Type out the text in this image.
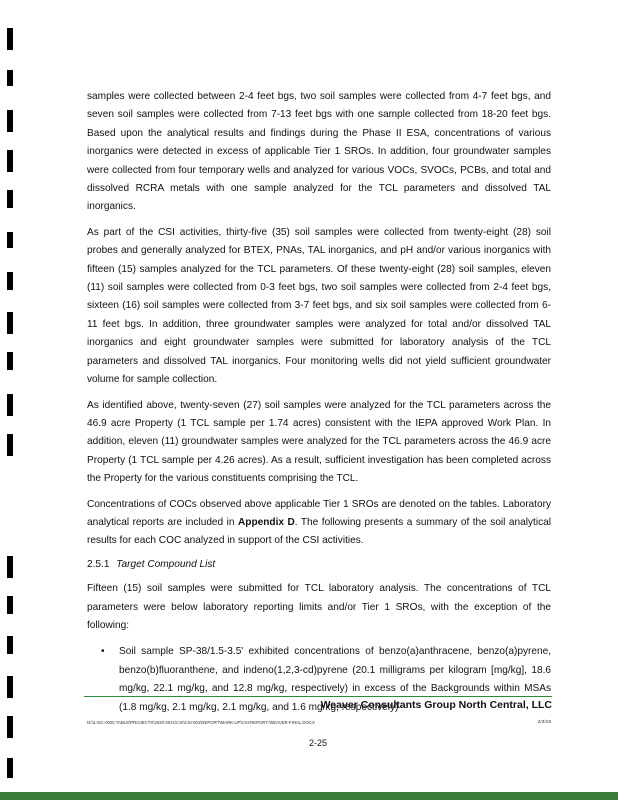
samples were collected between 2-4 feet bgs, two soil samples were collected from 4-7 feet bgs, and seven soil samples were collected from 7-13 feet bgs with one sample collected from 18-20 feet bgs. Based upon the analytical results and findings during the Phase II ESA, concentrations of various inorganics were detected in excess of applicable Tier 1 SROs. In addition, four groundwater samples were collected from four temporary wells and analyzed for various VOCs, SVOCs, PCBs, and total and dissolved RCRA metals with one sample analyzed for the TCL parameters and dissolved TAL inorganics.

As part of the CSI activities, thirty-five (35) soil samples were collected from twenty-eight (28) soil probes and generally analyzed for BTEX, PNAs, TAL inorganics, and pH and/or various inorganics with fifteen (15) samples analyzed for the TCL parameters. Of these twenty-eight (28) soil samples, eleven (11) soil samples were collected from 0-3 feet bgs, two soil samples were collected from 2-4 feet bgs, sixteen (16) soil samples were collected from 3-7 feet bgs, and six soil samples were collected from 6-11 feet bgs. In addition, three groundwater samples were analyzed for total and/or dissolved TAL inorganics and eight groundwater samples were submitted for laboratory analysis of the TCL parameters and dissolved TAL inorganics. Four monitoring wells did not yield sufficient groundwater volume for sample collection.

As identified above, twenty-seven (27) soil samples were analyzed for the TCL parameters across the 46.9 acre Property (1 TCL sample per 1.74 acres) consistent with the IEPA approved Work Plan. In addition, eleven (11) groundwater samples were analyzed for the TCL parameters across the 46.9 acre Property (1 TCL sample per 4.26 acres). As a result, sufficient investigation has been completed across the Property for the various constituents comprising the TCL.

Concentrations of COCs observed above applicable Tier 1 SROs are denoted on the tables. Laboratory analytical reports are included in Appendix D. The following presents a summary of the soil analytical results for each COC analyzed in support of the CSI activities.

2.5.1 Target Compound List

Fifteen (15) soil samples were submitted for TCL laboratory analysis. The concentrations of TCL parameters were below laboratory reporting limits and/or Tier 1 SROs, with the exception of the following:

•	Soil sample SP-38/1.5-3.5' exhibited concentrations of benzo(a)anthracene, benzo(a)pyrene, benzo(b)fluoranthene, and indeno(1,2,3-cd)pyrene (20.1 milligrams per kilogram [mg/kg], 18.6 mg/kg, 22.1 mg/kg, and 12.8 mg/kg, respectively) in excess of the Backgrounds within MSAs (1.8 mg/kg, 2.1 mg/kg, 2.1 mg/kg, and 1.6 mg/kg, respectively)
Weaver Consultants Group North Central, LLC
N:\IL-DC-0020 TABLE\PROJECTS\2020-2021\CSI\CSI-001\REPORT\MARK-UP\CSI-REPORT-WEAVER-FINAL.DOCX	2/3/18
2-25
